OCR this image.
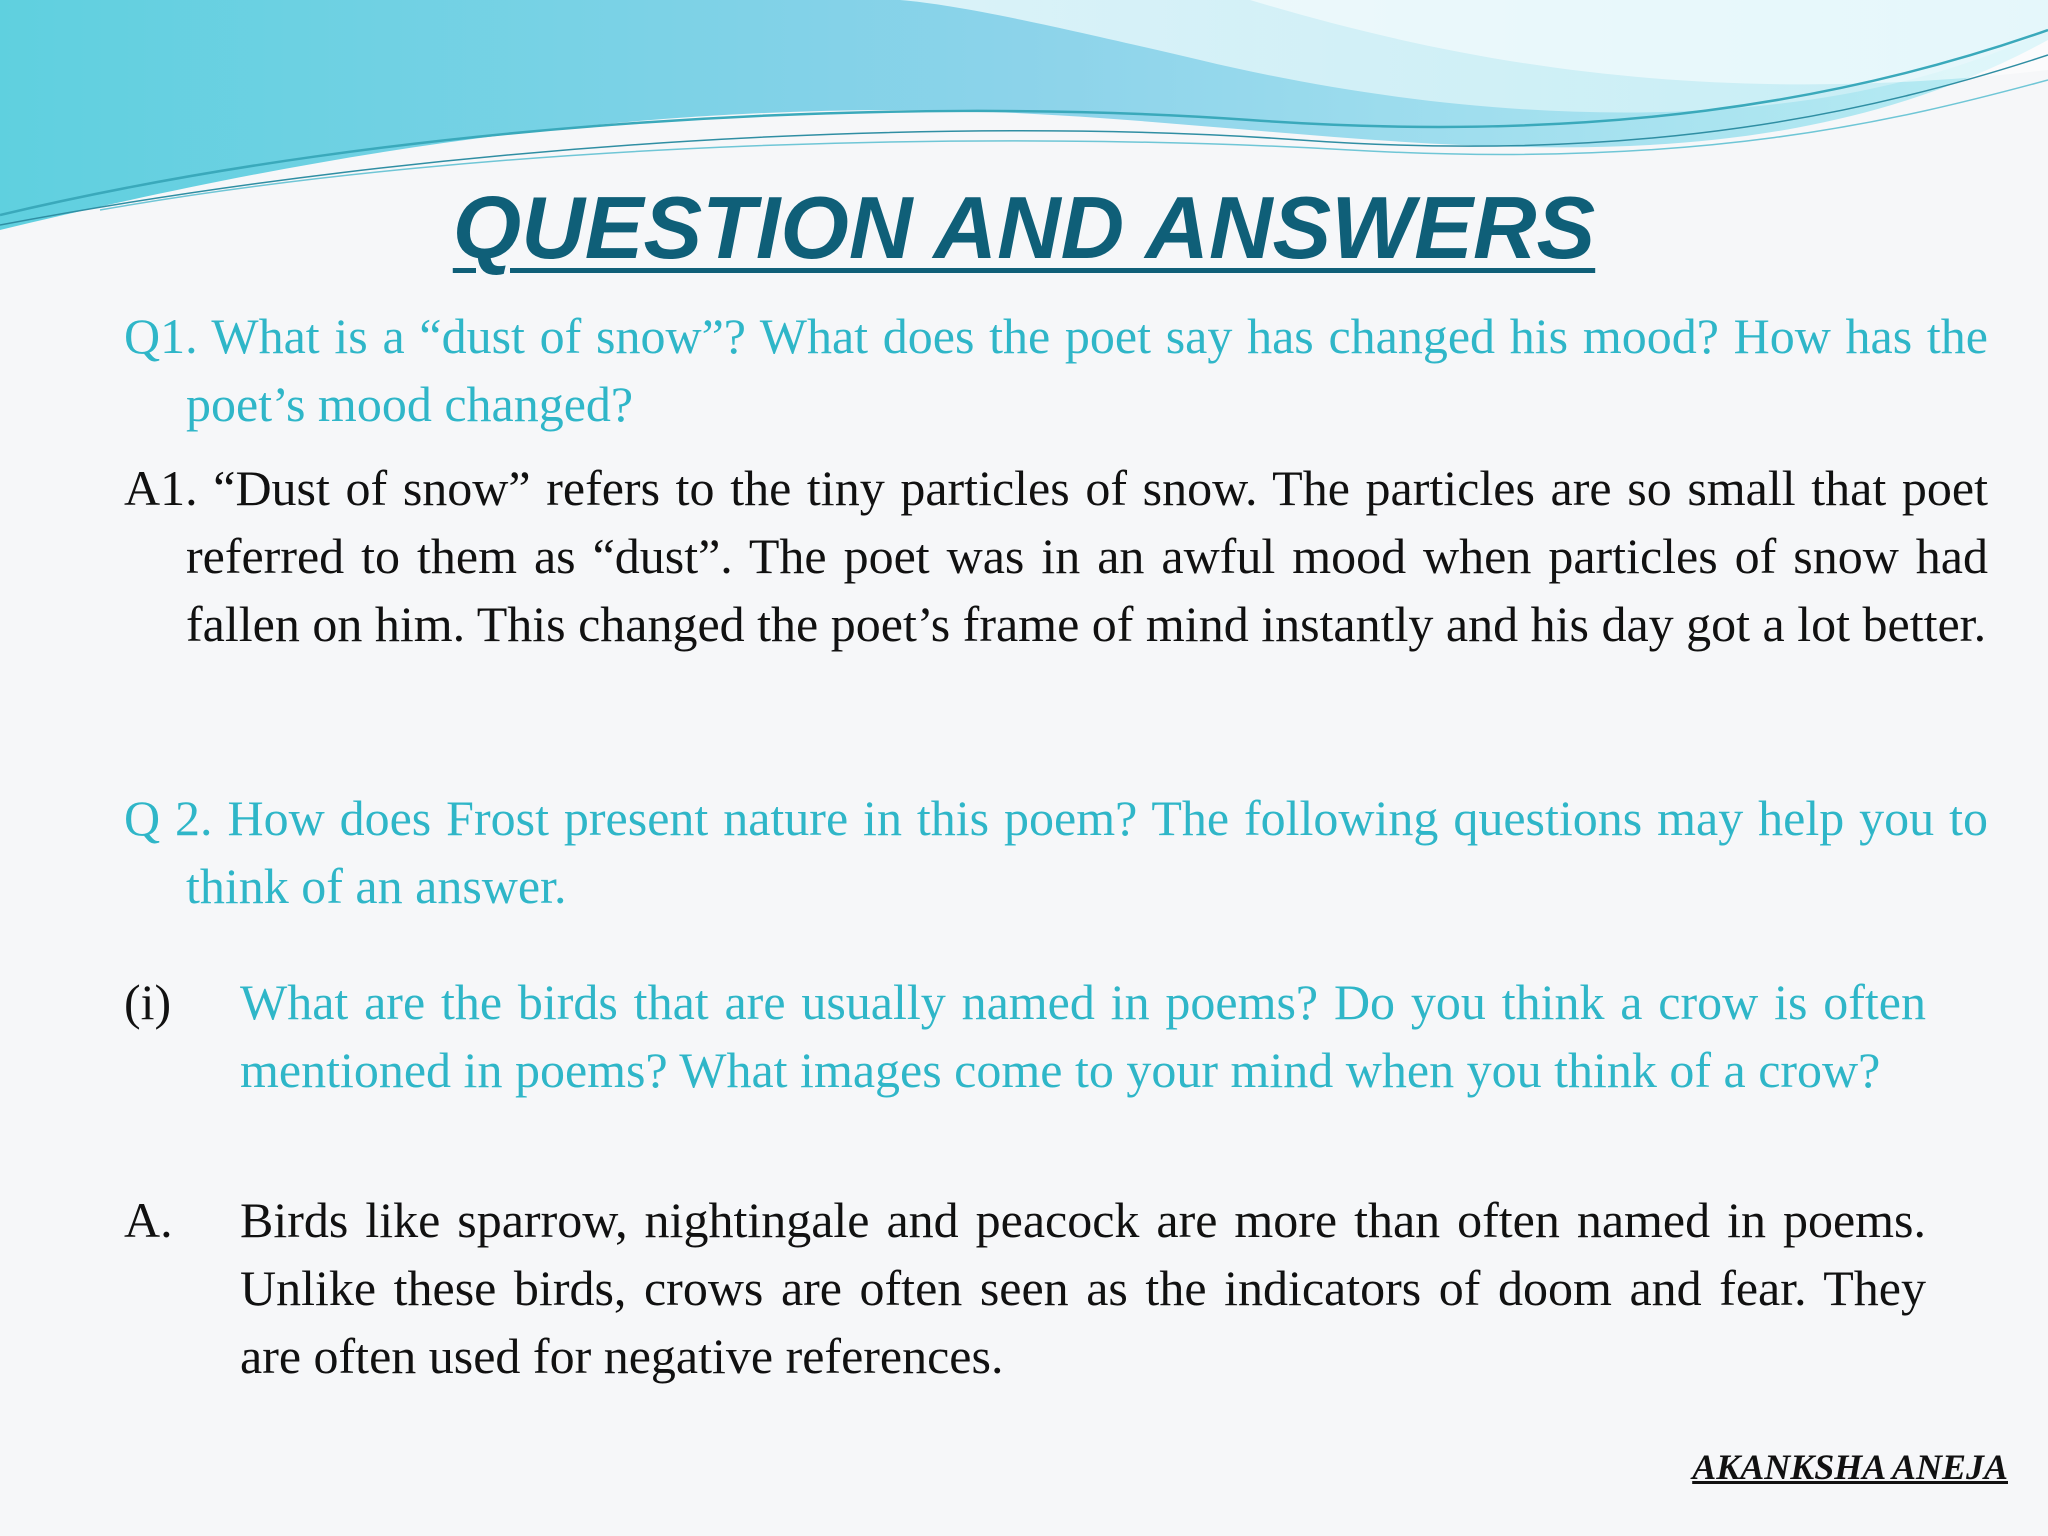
QUESTION AND ANSWERS

Q1. What is a “dust of snow”? What does the poet say has changed his mood? How has the poet’s mood changed?

A1. “Dust of snow” refers to the tiny particles of snow. The particles are so small that poet referred to them as “dust”. The poet was in an awful mood when particles of snow had fallen on him. This changed the poet’s frame of mind instantly and his day got a lot better.

Q 2. How does Frost present nature in this poem? The following questions may help you to think of an answer.

(i)	What are the birds that are usually named in poems? Do you think a crow is often mentioned in poems? What images come to your mind when you think of a crow?
A.	Birds like sparrow, nightingale and peacock are more than often named in poems. Unlike these birds, crows are often seen as the indicators of doom and fear. They are often used for negative references.
AKANKSHA ANEJA
